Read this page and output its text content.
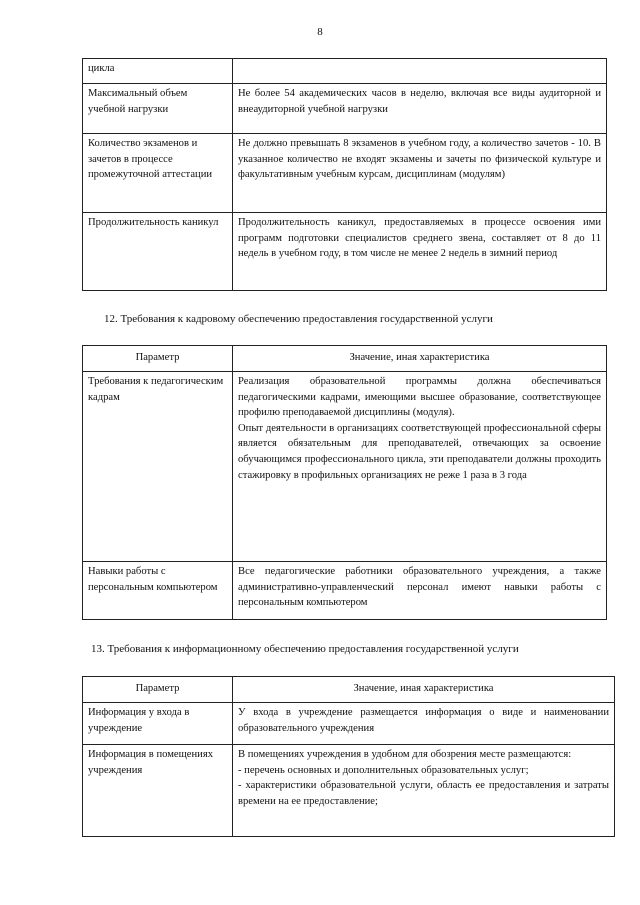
8
цикла	
Максимальный объем учебной нагрузки	Не более 54 академических часов в неделю, включая все виды аудиторной и внеаудиторной учебной нагрузки
Количество экзаменов и зачетов в процессе промежуточной аттестации	Не должно превышать 8 экзаменов в учебном году, а количество зачетов - 10. В указанное количество не входят экзамены и зачеты по физической культуре и факультативным учебным курсам, дисциплинам (модулям)
Продолжительность каникул	Продолжительность каникул, предоставляемых в процессе освоения ими программ подготовки специалистов среднего звена, составляет от 8 до 11 недель в учебном году, в том числе не менее 2 недель в зимний период
12. Требования к кадровому обеспечению предоставления государственной услуги
Параметр	Значение, иная характеристика
Требования к педагогическим кадрам	Реализация образовательной программы должна обеспечиваться педагогическими кадрами, имеющими высшее образование, соответствующее профилю преподаваемой дисциплины (модуля).
Опыт деятельности в организациях соответствующей профессиональной сферы является обязательным для преподавателей, отвечающих за освоение обучающимся профессионального цикла, эти преподаватели должны проходить стажировку в профильных организациях не реже 1 раза в 3 года

Навыки работы с персональным компьютером	Все педагогические работники образовательного учреждения, а также административно-управленческий персонал имеют навыки работы с персональным компьютером
13. Требования к информационному обеспечению предоставления государственной услуги
Параметр	Значение, иная характеристика
Информация у входа в учреждение	У входа в учреждение размещается информация о виде и наименовании образовательного учреждения
Информация в помещениях учреждения	В помещениях учреждения в удобном для обозрения месте размещаются:
- перечень основных и дополнительных образовательных услуг;
- характеристики образовательной услуги, область ее предоставления и затраты времени на ее предоставление;
